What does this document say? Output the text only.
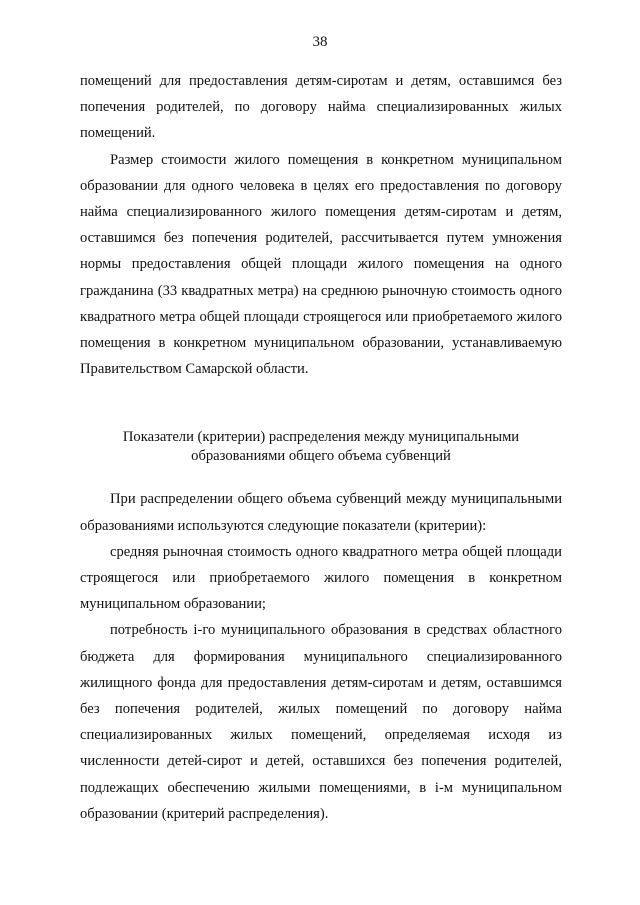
38

помещений для предоставления детям-сиротам и детям, оставшимся без попечения родителей, по договору найма специализированных жилых помещений.

Размер стоимости жилого помещения в конкретном муниципальном образовании для одного человека в целях его предоставления по договору найма специализированного жилого помещения детям-сиротам и детям, оставшимся без попечения родителей, рассчитывается путем умножения нормы предоставления общей площади жилого помещения на одного гражданина (33 квадратных метра) на среднюю рыночную стоимость одного квадратного метра общей площади строящегося или приобретаемого жилого помещения в конкретном муниципальном образовании, устанавливаемую Правительством Самарской области.

Показатели (критерии) распределения между муниципальными
образованиями общего объема субвенций

При распределении общего объема субвенций между муниципальными образованиями используются следующие показатели (критерии):

средняя рыночная стоимость одного квадратного метра общей площади строящегося или приобретаемого жилого помещения в конкретном муниципальном образовании;

потребность i-го муниципального образования в средствах областного бюджета для формирования муниципального специализированного жилищного фонда для предоставления детям-сиротам и детям, оставшимся без попечения родителей, жилых помещений по договору найма специализированных жилых помещений, определяемая исходя из численности детей-сирот и детей, оставшихся без попечения родителей, подлежащих обеспечению жилыми помещениями, в i-м муниципальном образовании (критерий распределения).
